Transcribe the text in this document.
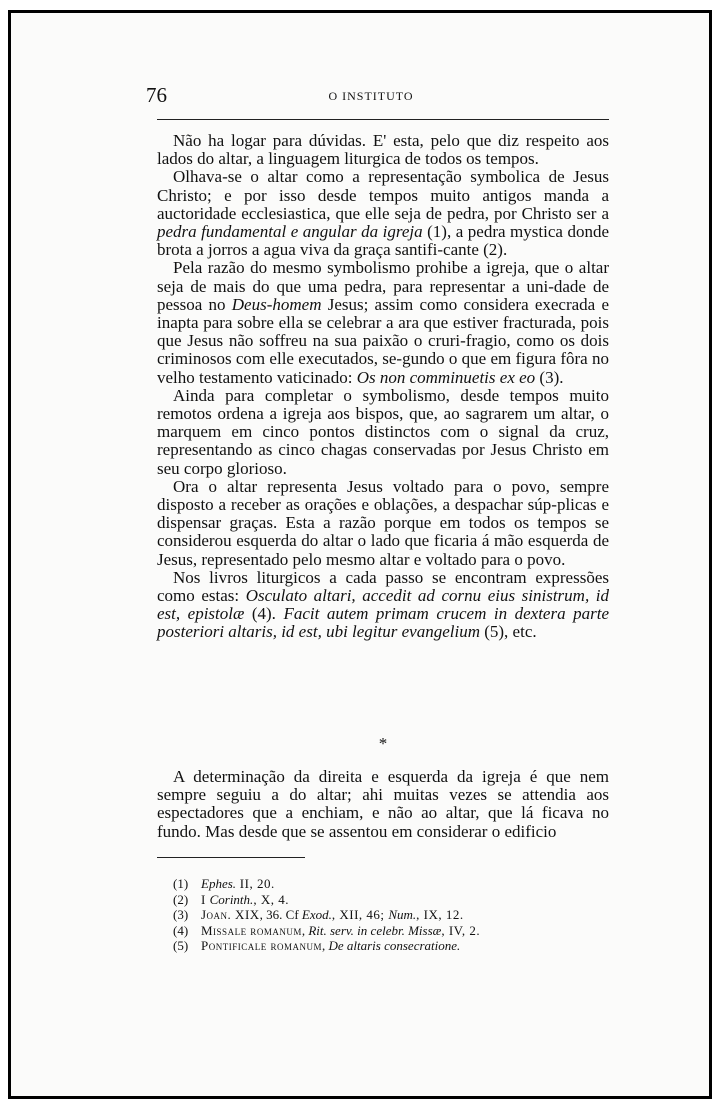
76	O INSTITUTO

Não ha logar para dúvidas. E' esta, pelo que diz respeito aos lados do altar, a linguagem liturgica de todos os tempos.

Olhava-se o altar como a representação symbolica de Jesus Christo; e por isso desde tempos muito antigos manda a auctoridade ecclesiastica, que elle seja de pedra, por Christo ser a pedra fundamental e angular da igreja (1), a pedra mystica donde brota a jorros a agua viva da graça santifi-cante (2).

Pela razão do mesmo symbolismo prohibe a igreja, que o altar seja de mais do que uma pedra, para representar a uni-dade de pessoa no Deus-homem Jesus; assim como considera execrada e inapta para sobre ella se celebrar a ara que estiver fracturada, pois que Jesus não soffreu na sua paixão o cruri-fragio, como os dois criminosos com elle executados, se-gundo o que em figura fôra no velho testamento vaticinado: Os non comminuetis ex eo (3).

Ainda para completar o symbolismo, desde tempos muito remotos ordena a igreja aos bispos, que, ao sagrarem um altar, o marquem em cinco pontos distinctos com o signal da cruz, representando as cinco chagas conservadas por Jesus Christo em seu corpo glorioso.

Ora o altar representa Jesus voltado para o povo, sempre disposto a receber as orações e oblações, a despachar súp-plicas e dispensar graças. Esta a razão porque em todos os tempos se considerou esquerda do altar o lado que ficaria á mão esquerda de Jesus, representado pelo mesmo altar e voltado para o povo.

Nos livros liturgicos a cada passo se encontram expressões como estas: Osculato altari, accedit ad cornu eius sinistrum, id est, epistolæ (4). Facit autem primam crucem in dextera parte posteriori altaris, id est, ubi legitur evangelium (5), etc.

*

A determinação da direita e esquerda da igreja é que nem sempre seguiu a do altar; ahi muitas vezes se attendia aos espectadores que a enchiam, e não ao altar, que lá ficava no fundo. Mas desde que se assentou em considerar o edificio

(1) Ephes. II, 20.
(2) I Corinth., X, 4.
(3) Joan. XIX, 36. Cf Exod., XII, 46; Num., IX, 12.
(4) Missale romanum, Rit. serv. in celebr. Missæ, IV, 2.
(5) Pontificale romanum, De altaris consecratione.
